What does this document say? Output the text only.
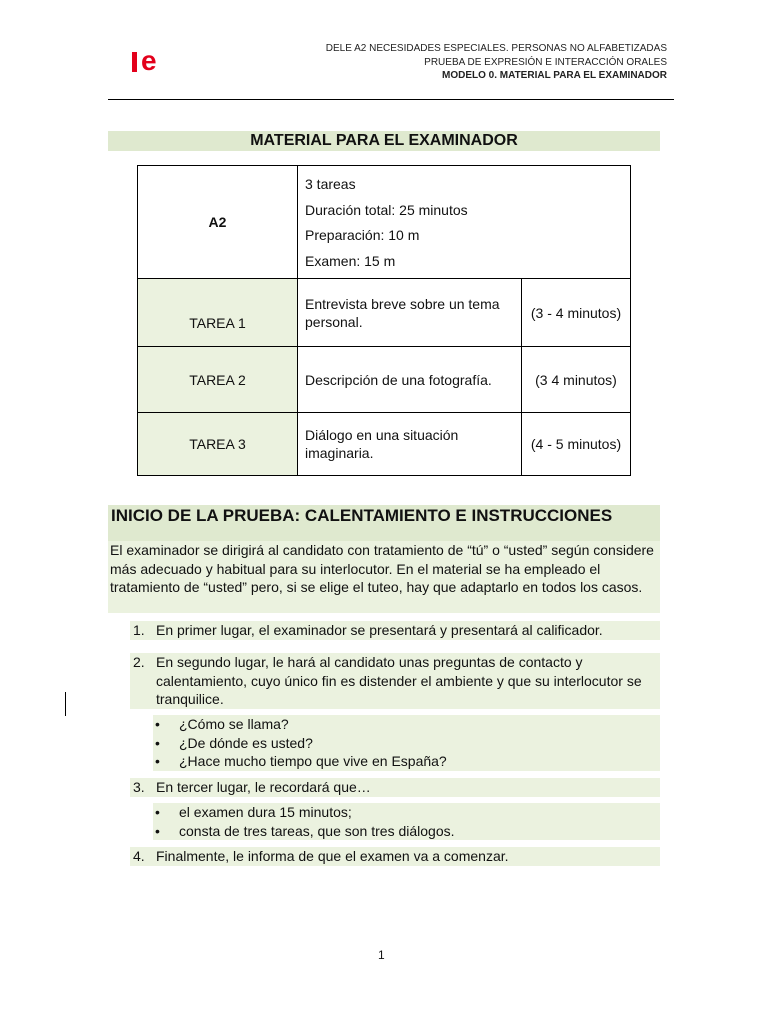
e	DELE A2 NECESIDADES ESPECIALES. PERSONAS NO ALFABETIZADAS
PRUEBA DE EXPRESIÓN E INTERACCIÓN ORALES
MODELO 0. MATERIAL PARA EL EXAMINADOR
MATERIAL PARA EL EXAMINADOR
A2	3 tareas
Duración total: 25 minutos
Preparación: 10 m
Examen: 15 m	

TAREA 1	Entrevista breve sobre un tema personal.	(3 - 4 minutos)
TAREA 2	Descripción de una fotografía.	(3 4 minutos)
TAREA 3	Diálogo en una situación imaginaria.	(4 - 5 minutos)
INICIO DE LA PRUEBA: CALENTAMIENTO E INSTRUCCIONES
El examinador se dirigirá al candidato con tratamiento de “tú” o “usted” según considere más adecuado y habitual para su interlocutor. En el material se ha empleado el tratamiento de “usted” pero, si se elige el tuteo, hay que adaptarlo en todos los casos.
1. En primer lugar, el examinador se presentará y presentará al calificador.
2. En segundo lugar, le hará al candidato unas preguntas de contacto y calentamiento, cuyo único fin es distender el ambiente y que su interlocutor se tranquilice.
• ¿Cómo se llama?
• ¿De dónde es usted?
• ¿Hace mucho tiempo que vive en España?
3. En tercer lugar, le recordará que…
• el examen dura 15 minutos;
• consta de tres tareas, que son tres diálogos.
4. Finalmente, le informa de que el examen va a comenzar.
1
